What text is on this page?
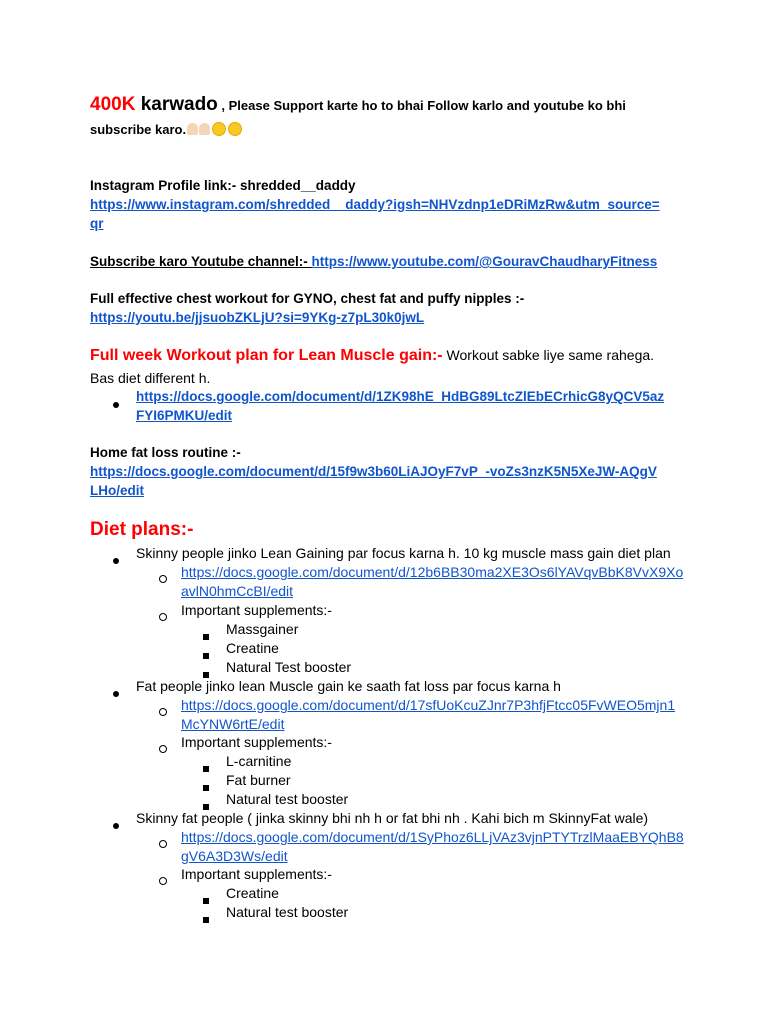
400K karwado , Please Support karte ho to bhai Follow karlo and youtube ko bhi
subscribe karo.
Instagram Profile link:- shredded__daddy
https://www.instagram.com/shredded__daddy?igsh=NHVzdnp1eDRiMzRw&utm_source=
qr
Subscribe karo Youtube channel:- https://www.youtube.com/@GouravChaudharyFitness
Full effective chest workout for GYNO, chest fat and puffy nipples :-
https://youtu.be/jjsuobZKLjU?si=9YKg-z7pL30k0jwL
Full week Workout plan for Lean Muscle gain:- Workout sabke liye same rahega.
Bas diet different h.
https://docs.google.com/document/d/1ZK98hE_HdBG89LtcZlEbECrhicG8yQCV5az
FYI6PMKU/edit
Home fat loss routine :-
https://docs.google.com/document/d/15f9w3b60LiAJOyF7vP_-voZs3nzK5N5XeJW-AQgV
LHo/edit
Diet plans:-
Skinny people jinko Lean Gaining par focus karna h. 10 kg muscle mass gain diet plan
https://docs.google.com/document/d/12b6BB30ma2XE3Os6lYAVqvBbK8VvX9Xo
avlN0hmCcBI/edit
Important supplements:-
Massgainer
Creatine
Natural Test booster
Fat people jinko lean Muscle gain ke saath fat loss par focus karna h
https://docs.google.com/document/d/17sfUoKcuZJnr7P3hfjFtcc05FvWEO5mjn1
McYNW6rtE/edit
Important supplements:-
L-carnitine
Fat burner
Natural test booster
Skinny fat people ( jinka skinny bhi nh h or fat bhi nh . Kahi bich m SkinnyFat wale)
https://docs.google.com/document/d/1SyPhoz6LLjVAz3vjnPTYTrzlMaaEBYQhB8
gV6A3D3Ws/edit
Important supplements:-
Creatine
Natural test booster
